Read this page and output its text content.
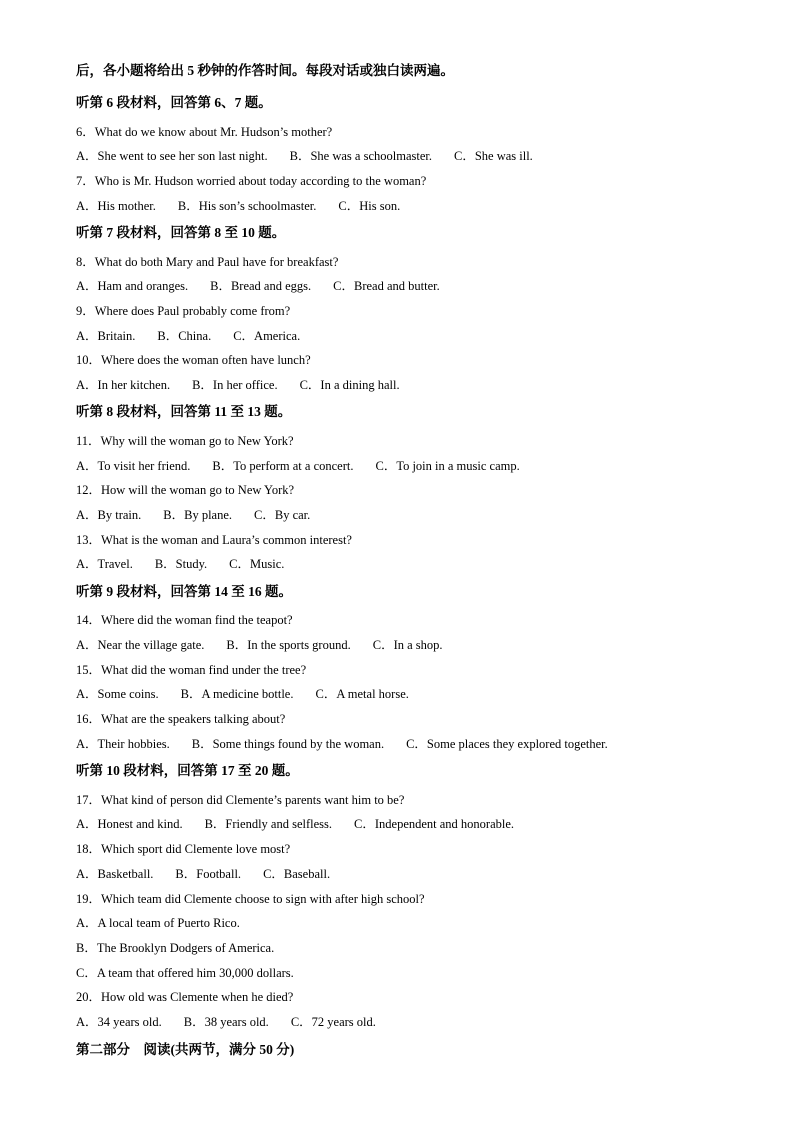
后，各小题将给出 5 秒钟的作答时间。每段对话或独白读两遍。
听第 6 段材料，回答第 6、7 题。
6．What do we know about Mr. Hudson’s mother?
A．She went to see her son last night. B．She was a schoolmaster. C．She was ill.
7．Who is Mr. Hudson worried about today according to the woman?
A．His mother. B．His son’s schoolmaster. C．His son.
听第 7 段材料，回答第 8 至 10 题。
8．What do both Mary and Paul have for breakfast?
A．Ham and oranges. B．Bread and eggs. C．Bread and butter.
9．Where does Paul probably come from?
A．Britain. B．China. C．America.
10．Where does the woman often have lunch?
A．In her kitchen. B．In her office. C．In a dining hall.
听第 8 段材料，回答第 11 至 13 题。
11．Why will the woman go to New York?
A．To visit her friend. B．To perform at a concert. C．To join in a music camp.
12．How will the woman go to New York?
A．By train. B．By plane. C．By car.
13．What is the woman and Laura’s common interest?
A．Travel. B．Study. C．Music.
听第 9 段材料，回答第 14 至 16 题。
14．Where did the woman find the teapot?
A．Near the village gate. B．In the sports ground. C．In a shop.
15．What did the woman find under the tree?
A．Some coins. B．A medicine bottle. C．A metal horse.
16．What are the speakers talking about?
A．Their hobbies. B．Some things found by the woman. C．Some places they explored together.
听第 10 段材料，回答第 17 至 20 题。
17．What kind of person did Clemente’s parents want him to be?
A．Honest and kind. B．Friendly and selfless. C．Independent and honorable.
18．Which sport did Clemente love most?
A．Basketball. B．Football. C．Baseball.
19．Which team did Clemente choose to sign with after high school?
A．A local team of Puerto Rico.
B．The Brooklyn Dodgers of America.
C．A team that offered him 30,000 dollars.
20．How old was Clemente when he died?
A．34 years old. B．38 years old. C．72 years old.
第二部分　阅读(共两节，满分 50 分)
